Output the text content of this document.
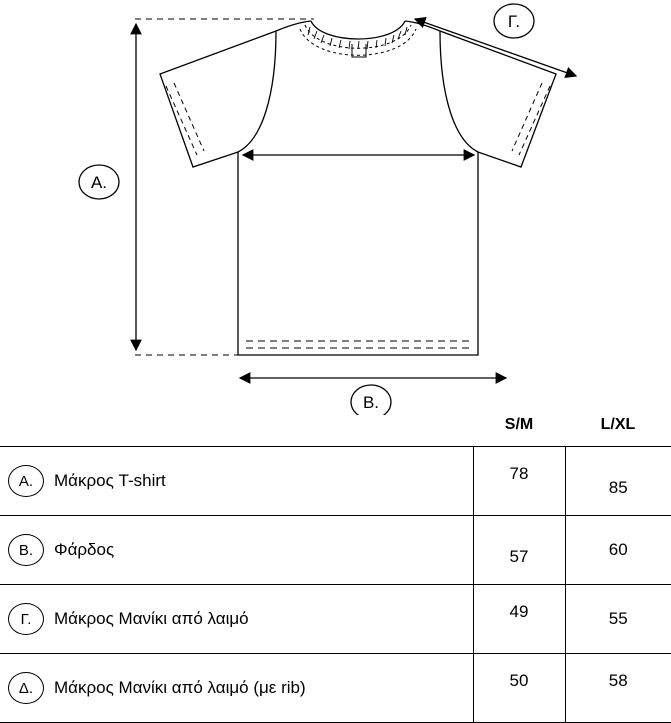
Α.
Β.
Γ.
	S/M	L/XL

Α. Μάκρος T-shirt	78	85

Β. Φάρδος	57	60

Γ. Μάκρος Μανίκι από λαιμό	49	55

Δ. Μάκρος Μανίκι από λαιμό (με rib)	50	58
